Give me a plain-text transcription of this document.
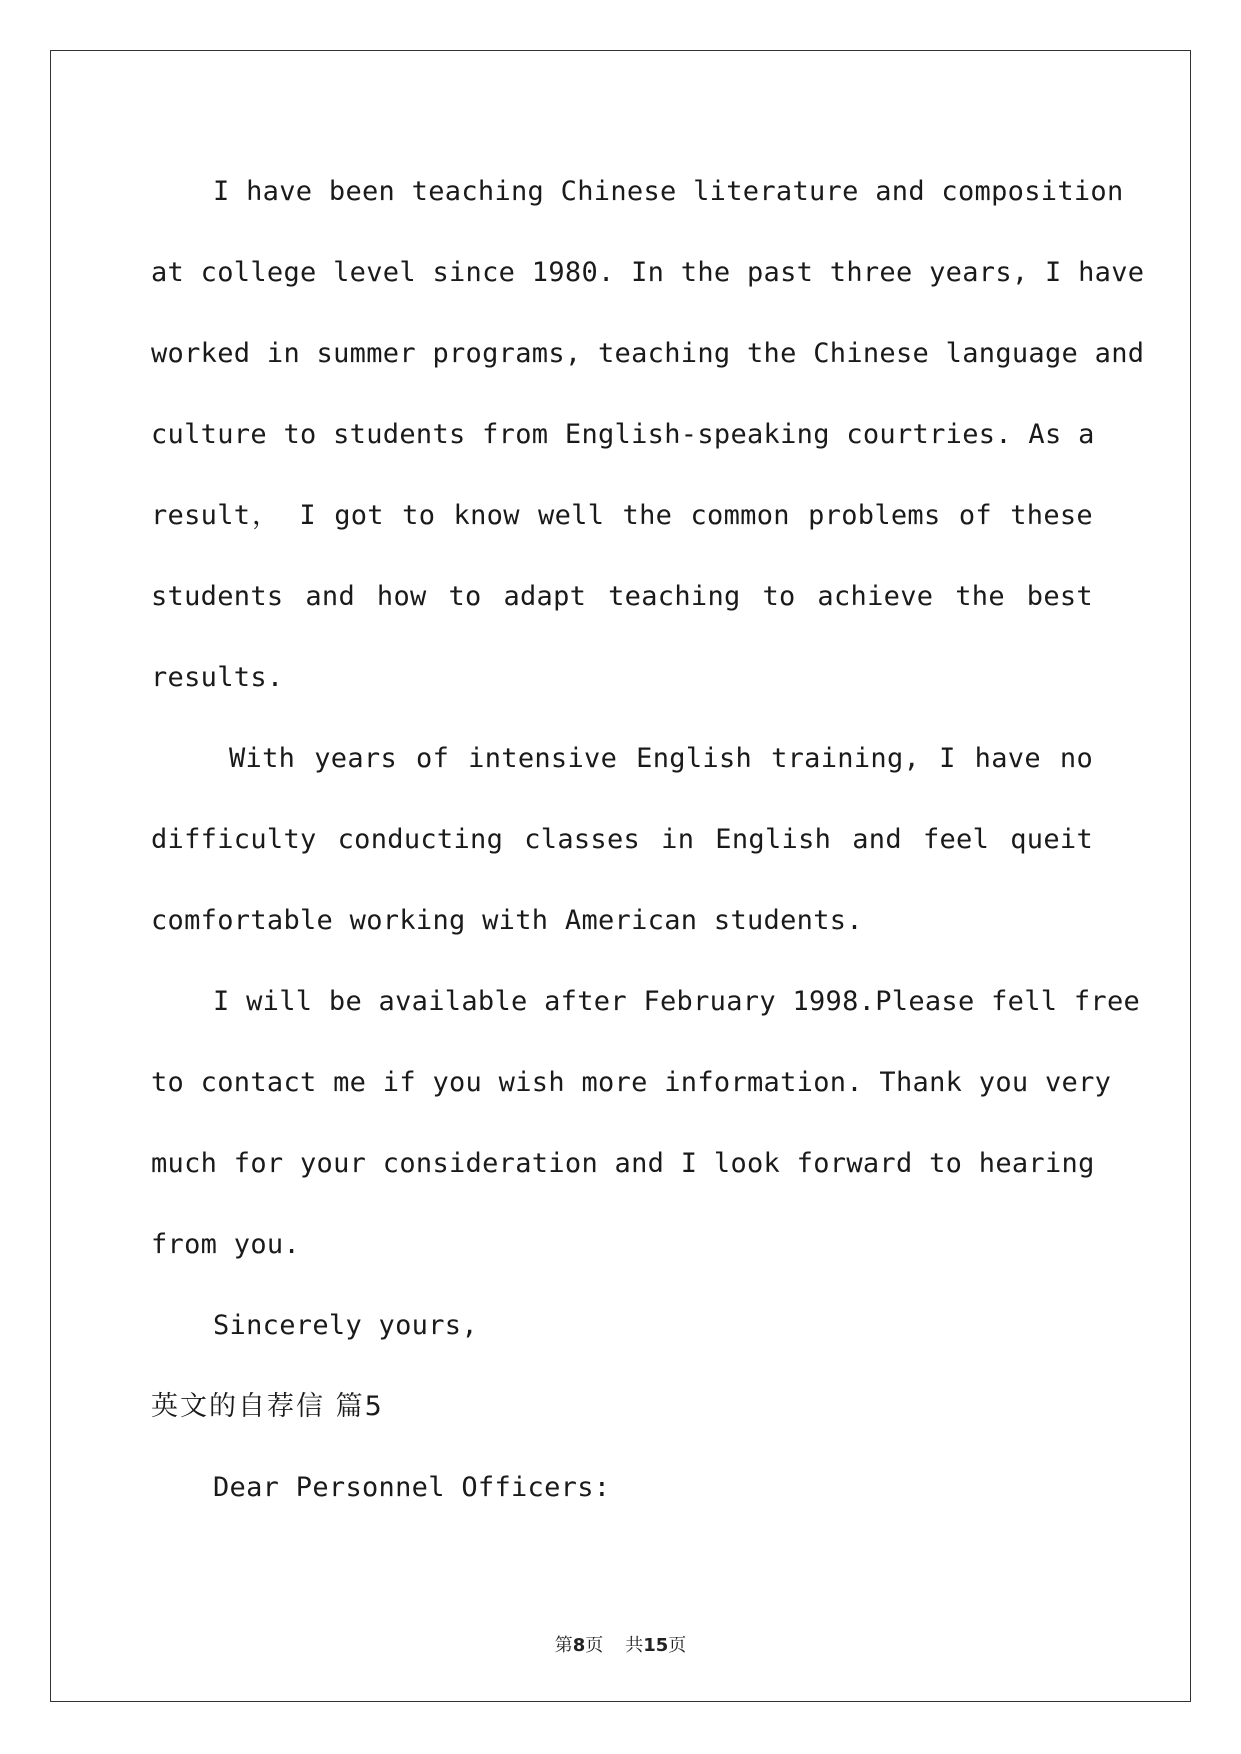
I have been teaching Chinese literature and composition
at college level since 1980. In the past three years, I have
worked in summer programs, teaching the Chinese language and
culture to students from English-speaking courtries. As a
result， I got to know well the common problems of these
students and how to adapt teaching to achieve the best
results.
With years of intensive English training, I have no
difficulty conducting classes in English and feel queit
comfortable working with American students.
I will be available after February 1998.Please fell free
to contact me if you wish more information. Thank you very
much for your consideration and I look forward to hearing
from you.
Sincerely yours,
英文的自荐信 篇5
Dear Personnel Officers:
第8页 共15页
